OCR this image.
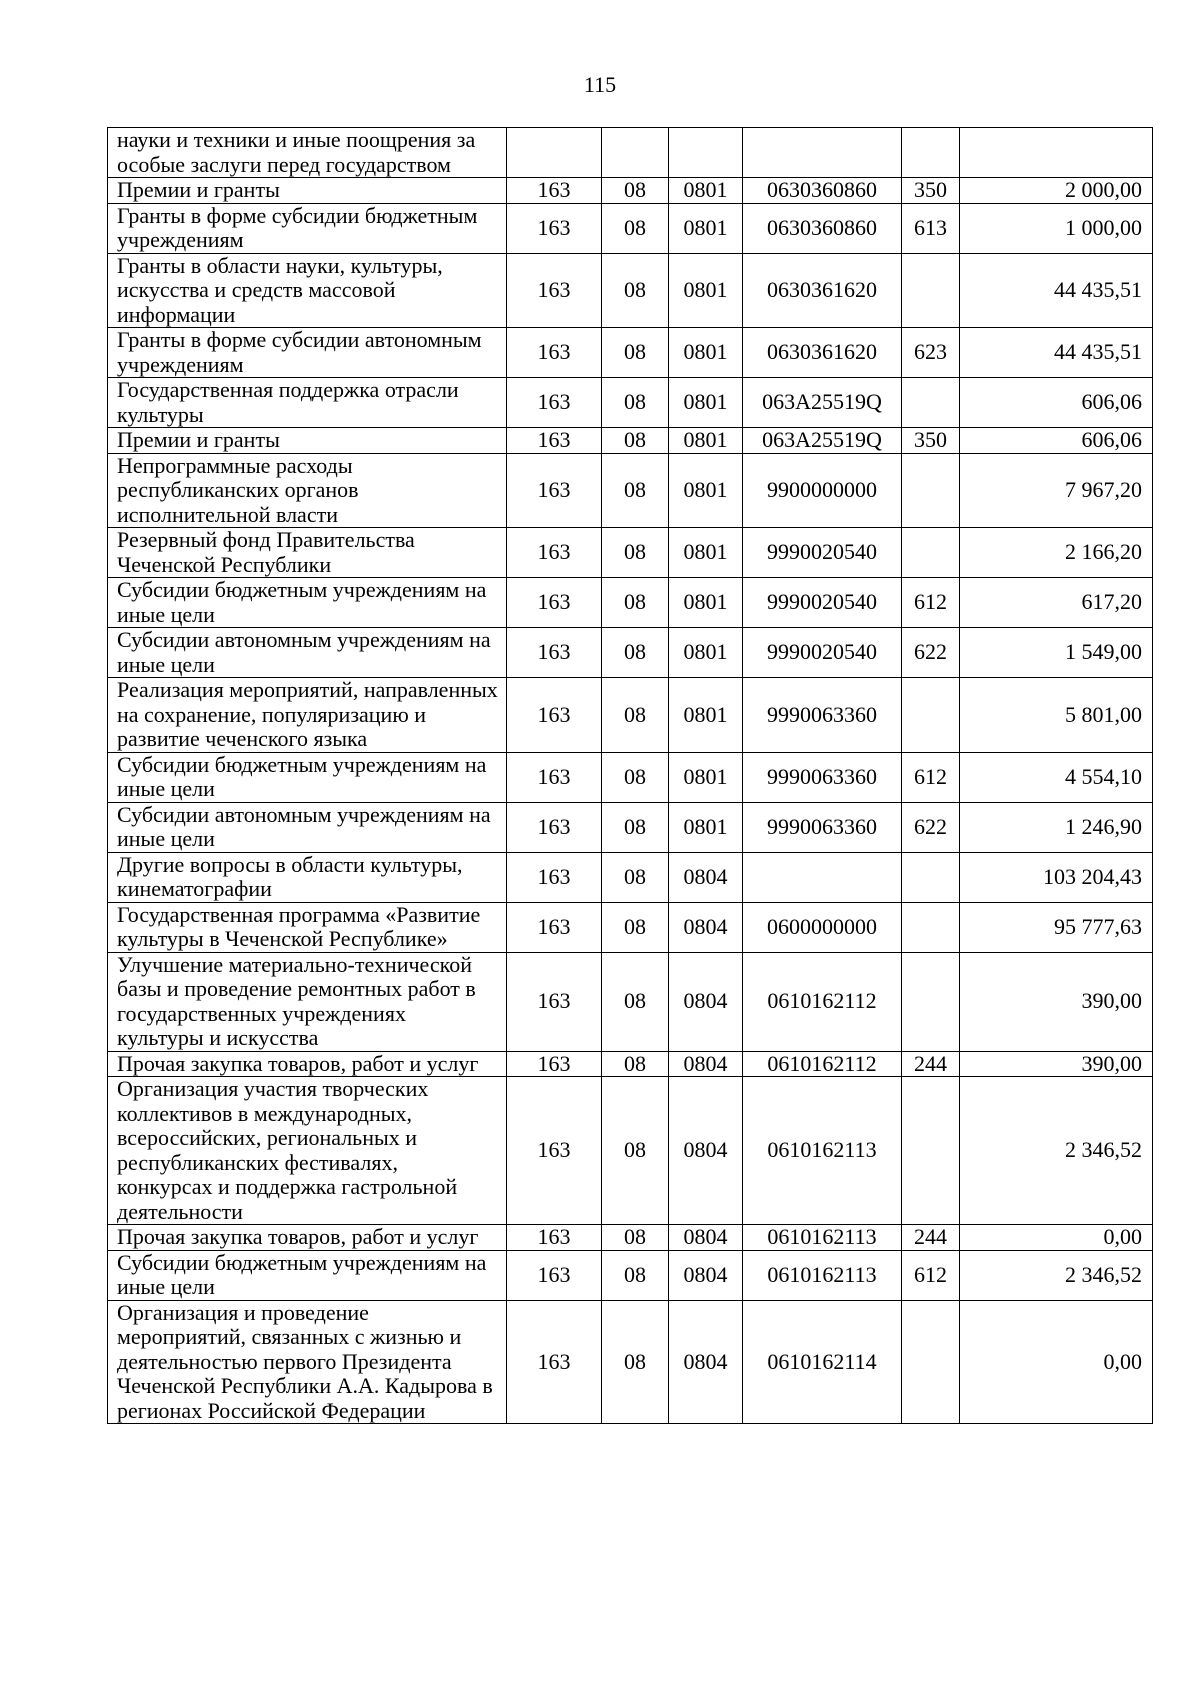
115
науки и техники и иные поощрения за особые заслуги перед государством						
Премии и гранты	163	08	0801	0630360860	350	2 000,00
Гранты в форме субсидии бюджетным учреждениям	163	08	0801	0630360860	613	1 000,00
Гранты в области науки, культуры, искусства и средств массовой информации	163	08	0801	0630361620		44 435,51
Гранты в форме субсидии автономным учреждениям	163	08	0801	0630361620	623	44 435,51
Государственная поддержка отрасли культуры	163	08	0801	063A25519Q		606,06
Премии и гранты	163	08	0801	063A25519Q	350	606,06
Непрограммные расходы республиканских органов исполнительной власти	163	08	0801	9900000000		7 967,20
Резервный фонд Правительства Чеченской Республики	163	08	0801	9990020540		2 166,20
Субсидии бюджетным учреждениям на иные цели	163	08	0801	9990020540	612	617,20
Субсидии автономным учреждениям на иные цели	163	08	0801	9990020540	622	1 549,00
Реализация мероприятий, направленных на сохранение, популяризацию и развитие чеченского языка	163	08	0801	9990063360		5 801,00
Субсидии бюджетным учреждениям на иные цели	163	08	0801	9990063360	612	4 554,10
Субсидии автономным учреждениям на иные цели	163	08	0801	9990063360	622	1 246,90
Другие вопросы в области культуры, кинематографии	163	08	0804			103 204,43
Государственная программа «Развитие культуры в Чеченской Республике»	163	08	0804	0600000000		95 777,63
Улучшение материально-технической базы и проведение ремонтных работ в государственных учреждениях культуры и искусства	163	08	0804	0610162112		390,00
Прочая закупка товаров, работ и услуг	163	08	0804	0610162112	244	390,00
Организация участия творческих коллективов в международных, всероссийских, региональных и республиканских фестивалях, конкурсах и поддержка гастрольной деятельности	163	08	0804	0610162113		2 346,52
Прочая закупка товаров, работ и услуг	163	08	0804	0610162113	244	0,00
Субсидии бюджетным учреждениям на иные цели	163	08	0804	0610162113	612	2 346,52
Организация и проведение мероприятий, связанных с жизнью и деятельностью первого Президента Чеченской Республики А.А. Кадырова в регионах Российской Федерации	163	08	0804	0610162114		0,00
